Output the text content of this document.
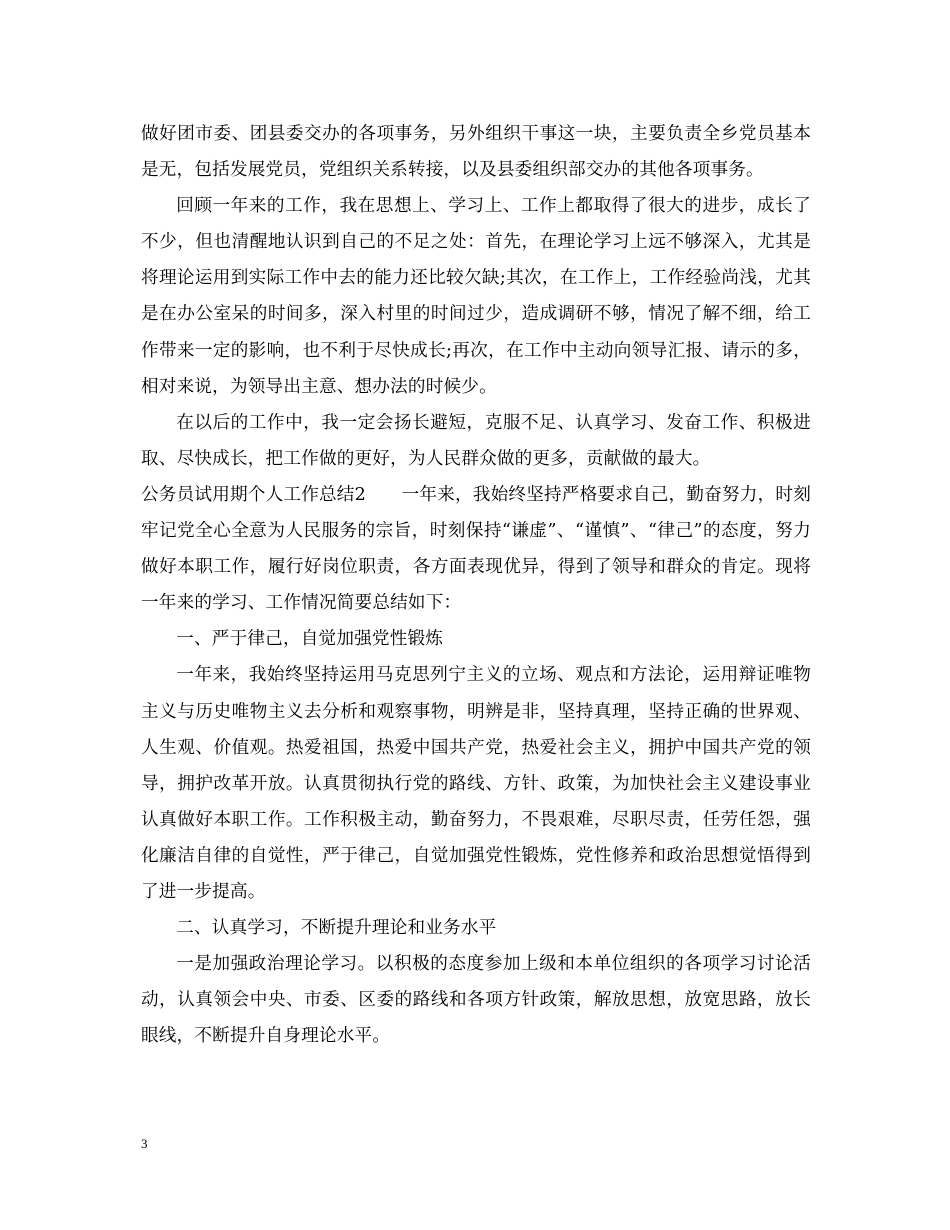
做好团市委、团县委交办的各项事务，另外组织干事这一块，主要负责全乡党员基本是无，包括发展党员，党组织关系转接，以及县委组织部交办的其他各项事务。

回顾一年来的工作，我在思想上、学习上、工作上都取得了很大的进步，成长了不少，但也清醒地认识到自己的不足之处：首先，在理论学习上远不够深入，尤其是将理论运用到实际工作中去的能力还比较欠缺;其次，在工作上，工作经验尚浅，尤其是在办公室呆的时间多，深入村里的时间过少，造成调研不够，情况了解不细，给工作带来一定的影响，也不利于尽快成长;再次，在工作中主动向领导汇报、请示的多，相对来说，为领导出主意、想办法的时候少。

在以后的工作中，我一定会扬长避短，克服不足、认真学习、发奋工作、积极进取、尽快成长，把工作做的更好，为人民群众做的更多，贡献做的最大。

公务员试用期个人工作总结2　　一年来，我始终坚持严格要求自己，勤奋努力，时刻牢记党全心全意为人民服务的宗旨，时刻保持“谦虚”、“谨慎”、“律己”的态度，努力做好本职工作，履行好岗位职责，各方面表现优异，得到了领导和群众的肯定。现将一年来的学习、工作情况简要总结如下：

一、严于律己，自觉加强党性锻炼

一年来，我始终坚持运用马克思列宁主义的立场、观点和方法论，运用辩证唯物主义与历史唯物主义去分析和观察事物，明辨是非，坚持真理，坚持正确的世界观、人生观、价值观。热爱祖国，热爱中国共产党，热爱社会主义，拥护中国共产党的领导，拥护改革开放。认真贯彻执行党的路线、方针、政策，为加快社会主义建设事业认真做好本职工作。工作积极主动，勤奋努力，不畏艰难，尽职尽责，任劳任怨，强化廉洁自律的自觉性，严于律己，自觉加强党性锻炼，党性修养和政治思想觉悟得到了进一步提高。

二、认真学习，不断提升理论和业务水平

一是加强政治理论学习。以积极的态度参加上级和本单位组织的各项学习讨论活动，认真领会中央、市委、区委的路线和各项方针政策，解放思想，放宽思路，放长眼线，不断提升自身理论水平。

3
